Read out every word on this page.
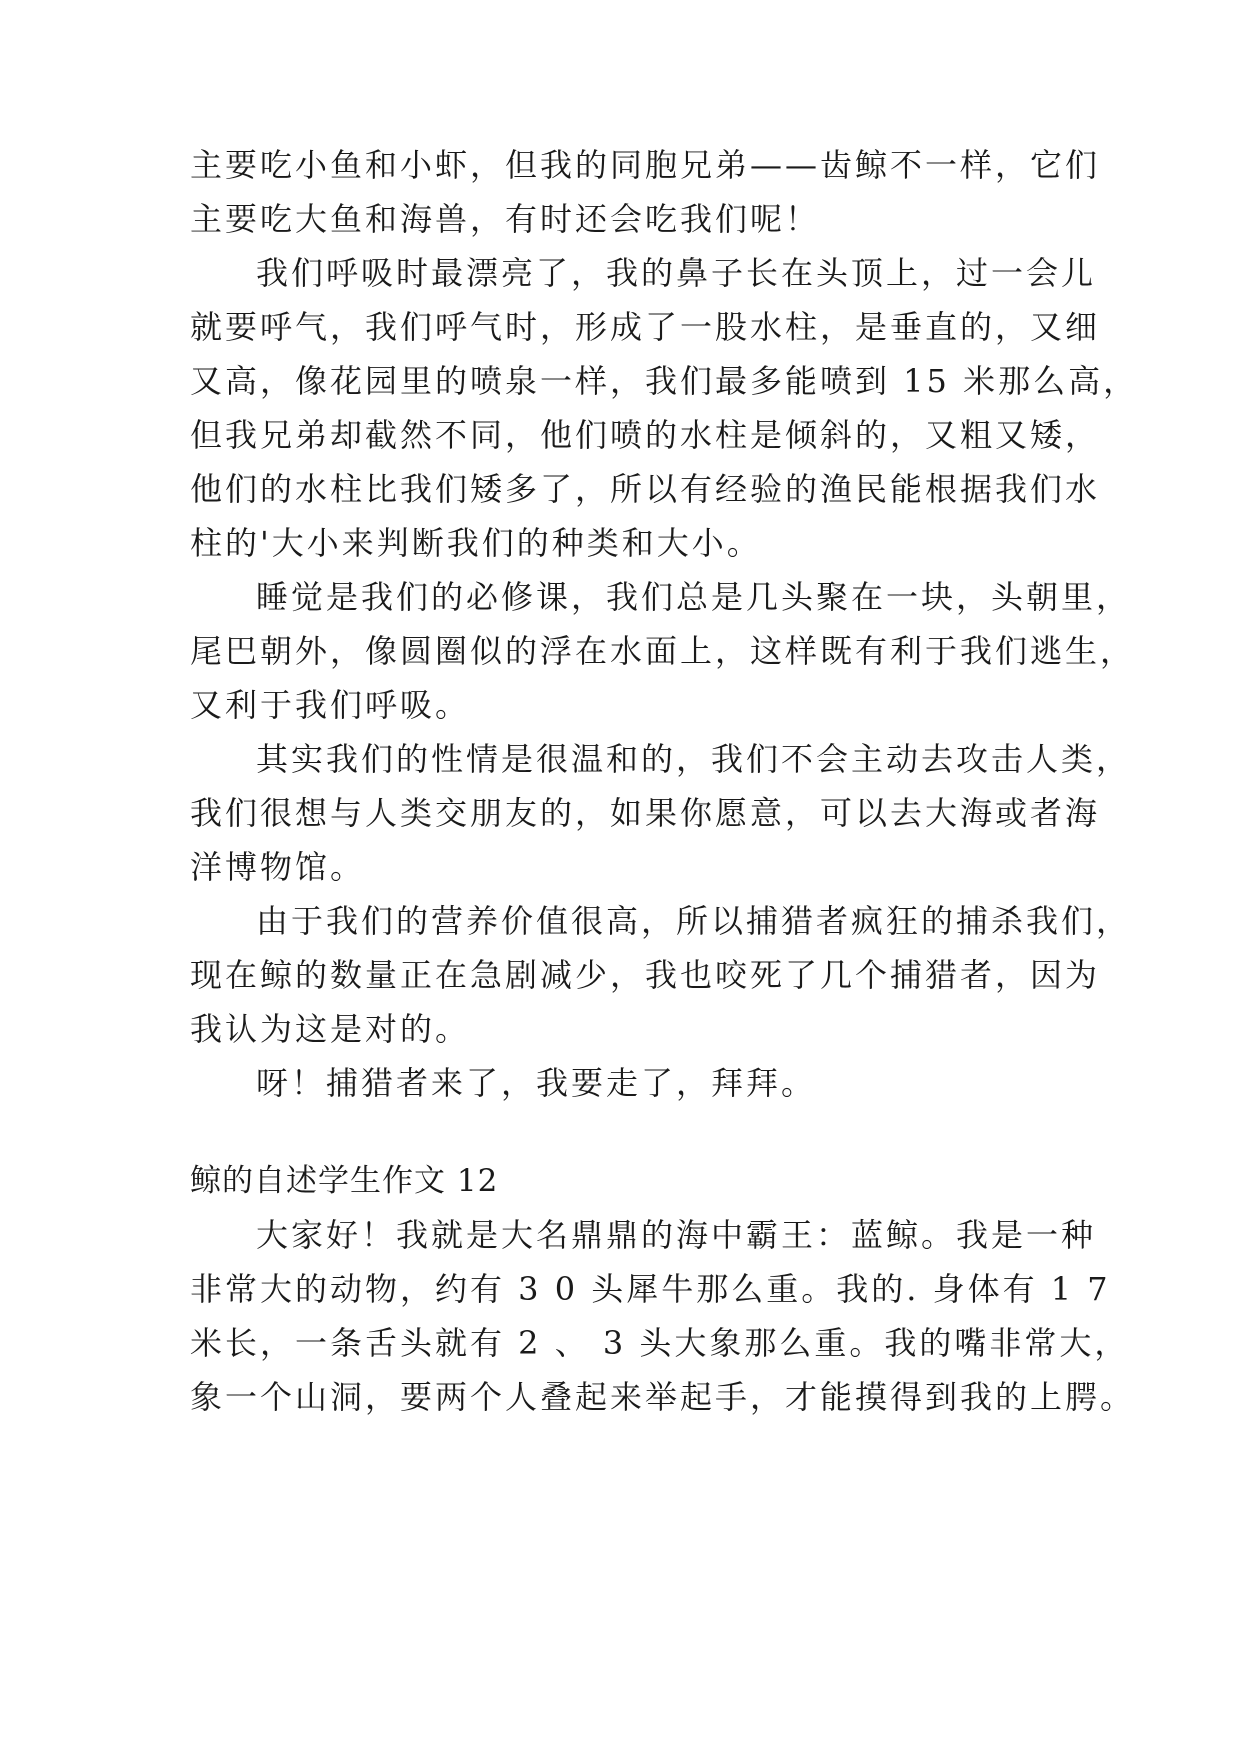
主要吃小鱼和小虾，但我的同胞兄弟——齿鲸不一样，它们
主要吃大鱼和海兽，有时还会吃我们呢！
我们呼吸时最漂亮了，我的鼻子长在头顶上，过一会儿
就要呼气，我们呼气时，形成了一股水柱，是垂直的，又细
又高，像花园里的喷泉一样，我们最多能喷到 15 米那么高，
但我兄弟却截然不同，他们喷的水柱是倾斜的，又粗又矮，
他们的水柱比我们矮多了，所以有经验的渔民能根据我们水
柱的'大小来判断我们的种类和大小。
睡觉是我们的必修课，我们总是几头聚在一块，头朝里，
尾巴朝外，像圆圈似的浮在水面上，这样既有利于我们逃生，
又利于我们呼吸。
其实我们的性情是很温和的，我们不会主动去攻击人类，
我们很想与人类交朋友的，如果你愿意，可以去大海或者海
洋博物馆。
由于我们的营养价值很高，所以捕猎者疯狂的捕杀我们，
现在鲸的数量正在急剧减少，我也咬死了几个捕猎者，因为
我认为这是对的。
呀！捕猎者来了，我要走了，拜拜。
鲸的自述学生作文 12
大家好！我就是大名鼎鼎的海中霸王：蓝鲸。我是一种
非常大的动物，约有 3 0 头犀牛那么重。我的. 身体有 1 7
米长，一条舌头就有 2 、 3 头大象那么重。我的嘴非常大，
象一个山洞，要两个人叠起来举起手，才能摸得到我的上腭。
